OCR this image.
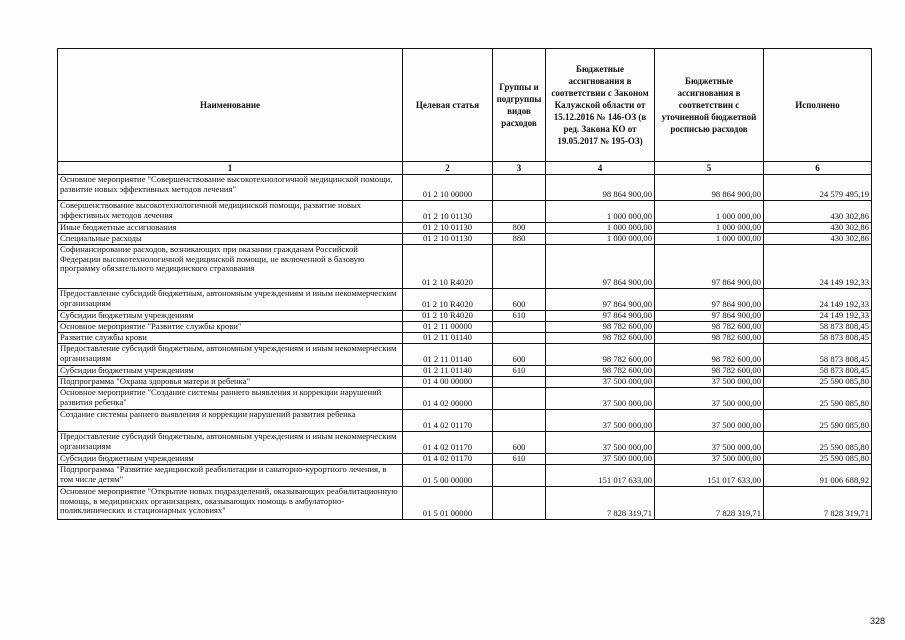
Наименование	Целевая статья	Группы и подгруппы видов расходов	Бюджетные ассигнования в соответствии с Законом Калужской области от 15.12.2016 № 146-ОЗ (в ред. Закона КО от 19.05.2017 № 195-ОЗ)	Бюджетные ассигнования в соответствии с уточненной бюджетной росписью расходов	Исполнено
1	2	3	4	5	6
Основное мероприятие "Совершенствование высокотехнологичной медицинской помощи, развитие новых эффективных методов лечения"	01 2 10 00000		98 864 900,00	98 864 900,00	24 579 495,19
Совершенствование высокотехнологичной медицинской помощи, развитие новых эффективных методов лечения	01 2 10 01130		1 000 000,00	1 000 000,00	430 302,86
Иные бюджетные ассигнования	01 2 10 01130	800	1 000 000,00	1 000 000,00	430 302,86
Специальные расходы	01 2 10 01130	880	1 000 000,00	1 000 000,00	430 302,86
Софинансирование расходов, возникающих при оказании гражданам Российской Федерации высокотехнологичной медицинской помощи, не включенной в базовую программу обязательного медицинского страхования	01 2 10 R4020		97 864 900,00	97 864 900,00	24 149 192,33
Предоставление субсидий бюджетным, автономным учреждениям и иным некоммерческим организациям	01 2 10 R4020	600	97 864 900,00	97 864 900,00	24 149 192,33
Субсидии бюджетным учреждениям	01 2 10 R4020	610	97 864 900,00	97 864 900,00	24 149 192,33
Основное мероприятие "Развитие службы крови"	01 2 11 00000		98 782 600,00	98 782 600,00	58 873 808,45
Развитие службы крови	01 2 11 01140		98 782 600,00	98 782 600,00	58 873 808,45
Предоставление субсидий бюджетным, автономным учреждениям и иным некоммерческим организациям	01 2 11 01140	600	98 782 600,00	98 782 600,00	58 873 808,45
Субсидии бюджетным учреждениям	01 2 11 01140	610	98 782 600,00	98 782 600,00	58 873 808,45
Подпрограмма "Охрана здоровья матери и ребенка"	01 4 00 00000		37 500 000,00	37 500 000,00	25 590 085,80
Основное мероприятие "Создание системы раннего выявления и коррекции нарушений развития ребенка"	01 4 02 00000		37 500 000,00	37 500 000,00	25 590 085,80
Создание системы раннего выявления и коррекции нарушений развития ребенка	01 4 02 01170		37 500 000,00	37 500 000,00	25 590 085,80
Предоставление субсидий бюджетным, автономным учреждениям и иным некоммерческим организациям	01 4 02 01170	600	37 500 000,00	37 500 000,00	25 590 085,80
Субсидии бюджетным учреждениям	01 4 02 01170	610	37 500 000,00	37 500 000,00	25 590 085,80
Подпрограмма "Развитие медицинской реабилитации и санаторно-курортного лечения, в том числе детям"	01 5 00 00000		151 017 633,00	151 017 633,00	91 006 688,92
Основное мероприятие "Открытие новых подразделений, оказывающих реабилитационную помощь, в медицинских организациях, оказывающих помощь в амбулаторно-поликлинических и стационарных условиях"	01 5 01 00000		7 828 319,71	7 828 319,71	7 828 319,71
328
